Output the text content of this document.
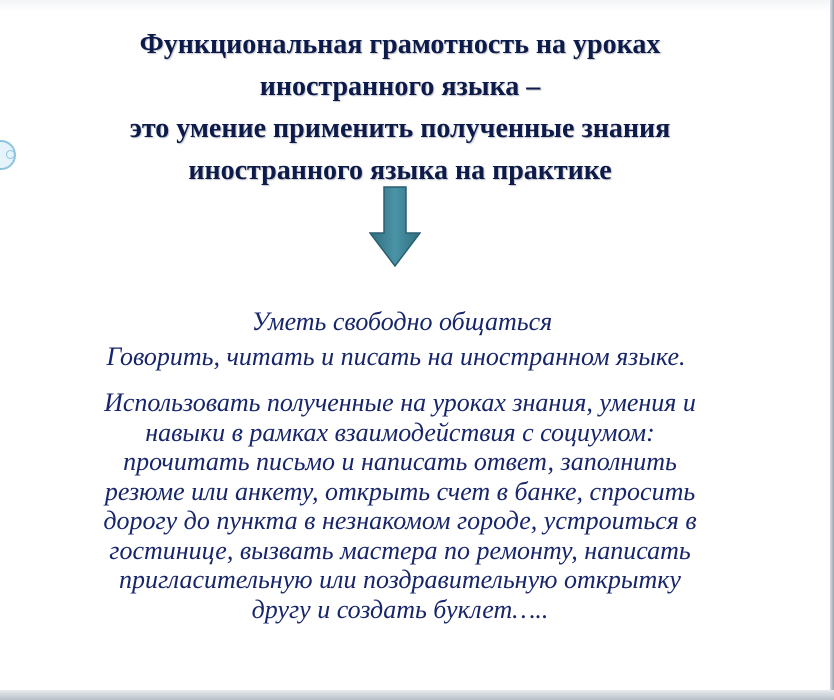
Функциональная грамотность на уроках
иностранного языка –
это умение применить полученные знания
иностранного языка на практике
Уметь свободно общаться
Говорить, читать и писать на иностранном языке.
Использовать полученные на уроках знания, умения и
навыки в рамках взаимодействия с социумом:
прочитать письмо и написать ответ, заполнить
резюме или анкету, открыть счет в банке, спросить
дорогу до пункта в незнакомом городе, устроиться в
гостинице, вызвать мастера по ремонту, написать
пригласительную или поздравительную открытку
другу и создать буклет…..
